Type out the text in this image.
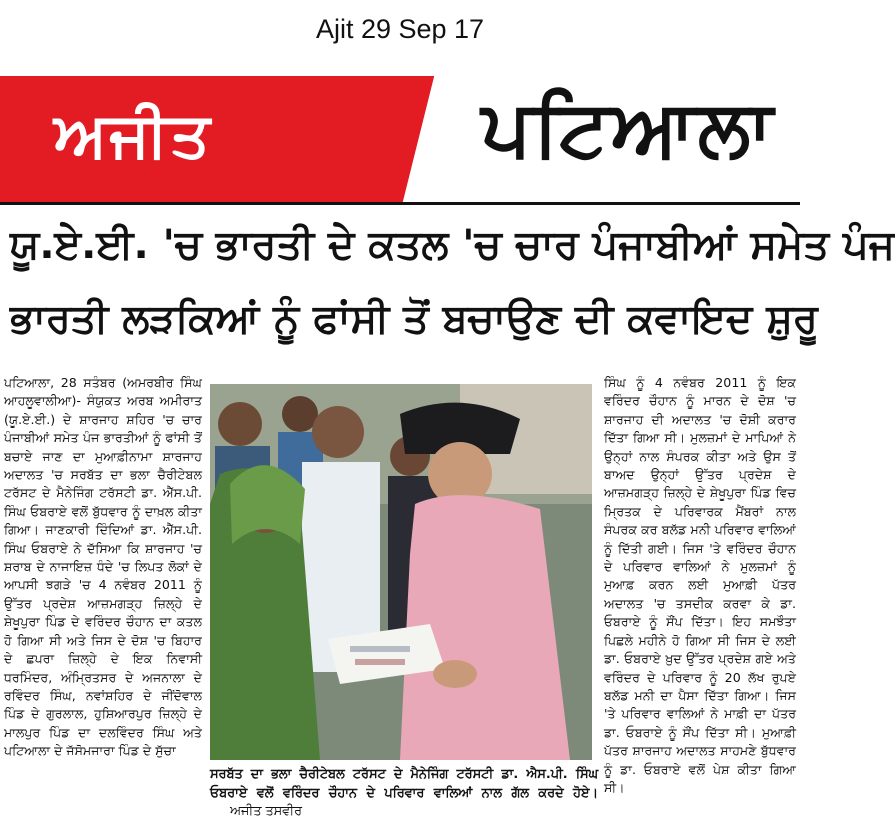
Ajit 29 Sep 17
ਅਜੀਤ	ਪਟਿਆਲਾ
ਯੂ.ਏ.ਈ. 'ਚ ਭਾਰਤੀ ਦੇ ਕਤਲ 'ਚ ਚਾਰ ਪੰਜਾਬੀਆਂ ਸਮੇਤ ਪੰਜ
ਭਾਰਤੀ ਲੜਕਿਆਂ ਨੂੰ ਫਾਂਸੀ ਤੋਂ ਬਚਾਉਣ ਦੀ ਕਵਾਇਦ ਸ਼ੁਰੂ
ਪਟਿਆਲਾ, 28 ਸਤੰਬਰ (ਅਮਰਬੀਰ ਸਿੰਘ ਆਹਲੂਵਾਲੀਆ)- ਸੰਯੁਕਤ ਅਰਬ ਅਮੀਰਾਤ (ਯੂ.ਏ.ਈ.) ਦੇ ਸ਼ਾਰਜਾਹ ਸ਼ਹਿਰ 'ਚ ਚਾਰ ਪੰਜਾਬੀਆਂ ਸਮੇਤ ਪੰਜ ਭਾਰਤੀਆਂ ਨੂੰ ਫਾਂਸੀ ਤੋਂ ਬਚਾਏ ਜਾਣ ਦਾ ਮੁਆਫ਼ੀਨਾਮਾ ਸ਼ਾਰਜਾਹ ਅਦਾਲਤ 'ਚ ਸਰਬੱਤ ਦਾ ਭਲਾ ਚੈਰੀਟੇਬਲ ਟਰੱਸਟ ਦੇ ਮੈਨੇਜਿੰਗ ਟਰੱਸਟੀ ਡਾ. ਐੱਸ.ਪੀ. ਸਿੰਘ ਓਬਰਾਏ ਵਲੋਂ ਬੁੱਧਵਾਰ ਨੂੰ ਦਾਖ਼ਲ ਕੀਤਾ ਗਿਆ। ਜਾਣਕਾਰੀ ਦਿੰਦਿਆਂ ਡਾ. ਐੱਸ.ਪੀ. ਸਿੰਘ ਓਬਰਾਏ ਨੇ ਦੱਸਿਆ ਕਿ ਸ਼ਾਰਜਾਹ 'ਚ ਸ਼ਰਾਬ ਦੇ ਨਾਜਾਇਜ਼ ਧੰਦੇ 'ਚ ਲਿਪਤ ਲੋਕਾਂ ਦੇ ਆਪਸੀ ਝਗੜੇ 'ਚ 4 ਨਵੰਬਰ 2011 ਨੂੰ ਉੱਤਰ ਪ੍ਰਦੇਸ਼ ਆਜ਼ਮਗੜ੍ਹ ਜ਼ਿਲ੍ਹੇ ਦੇ ਸ਼ੇਖੂਪੁਰਾ ਪਿੰਡ ਦੇ ਵਰਿੰਦਰ ਚੌਹਾਨ ਦਾ ਕਤਲ ਹੋ ਗਿਆ ਸੀ ਅਤੇ ਜਿਸ ਦੇ ਦੋਸ਼ 'ਚ ਬਿਹਾਰ ਦੇ ਛਪਰਾ ਜ਼ਿਲ੍ਹੇ ਦੇ ਇਕ ਨਿਵਾਸੀ ਧਰਮਿੰਦਰ, ਅੰਮ੍ਰਿਤਸਰ ਦੇ ਅਜਨਾਲਾ ਦੇ ਰਵਿੰਦਰ ਸਿੰਘ, ਨਵਾਂਸ਼ਹਿਰ ਦੇ ਜੀਂਦੋਵਾਲ ਪਿੰਡ ਦੇ ਗੁਰਲਾਲ, ਹੁਸ਼ਿਆਰਪੁਰ ਜ਼ਿਲ੍ਹੇ ਦੇ ਮਾਲਪੁਰ ਪਿੰਡ ਦਾ ਦਲਵਿੰਦਰ ਸਿੰਘ ਅਤੇ ਪਟਿਆਲਾ ਦੇ ਜੱਸੋਮਜਾਰਾ ਪਿੰਡ ਦੇ ਸੁੱਚਾ
ਸਰਬੱਤ ਦਾ ਭਲਾ ਚੈਰੀਟੇਬਲ ਟਰੱਸਟ ਦੇ ਮੈਨੇਜਿੰਗ ਟਰੱਸਟੀ ਡਾ. ਐਸ.ਪੀ. ਸਿੰਘ ਓਬਰਾਏ ਵਲੋਂ ਵਰਿੰਦਰ ਚੌਹਾਨ ਦੇ ਪਰਿਵਾਰ ਵਾਲਿਆਂ ਨਾਲ ਗੱਲ ਕਰਦੇ ਹੋਏ। ਅਜੀਤ ਤਸਵੀਰ
ਸਿੰਘ ਨੂੰ 4 ਨਵੰਬਰ 2011 ਨੂੰ ਇਕ ਵਰਿੰਦਰ ਚੌਹਾਨ ਨੂੰ ਮਾਰਨ ਦੇ ਦੋਸ਼ 'ਚ ਸ਼ਾਰਜਾਹ ਦੀ ਅਦਾਲਤ 'ਚ ਦੋਸ਼ੀ ਕਰਾਰ ਦਿੱਤਾ ਗਿਆ ਸੀ। ਮੁਲਜ਼ਮਾਂ ਦੇ ਮਾਪਿਆਂ ਨੇ ਉਨ੍ਹਾਂ ਨਾਲ ਸੰਪਰਕ ਕੀਤਾ ਅਤੇ ਉਸ ਤੋਂ ਬਾਅਦ ਉਨ੍ਹਾਂ ਉੱਤਰ ਪ੍ਰਦੇਸ਼ ਦੇ ਆਜ਼ਮਗੜ੍ਹ ਜ਼ਿਲ੍ਹੇ ਦੇ ਸ਼ੇਖੂਪੁਰਾ ਪਿੰਡ ਵਿਚ ਮ੍ਰਿਤਕ ਦੇ ਪਰਿਵਾਰਕ ਮੈਂਬਰਾਂ ਨਾਲ ਸੰਪਰਕ ਕਰ ਬਲੱਡ ਮਨੀ ਪਰਿਵਾਰ ਵਾਲਿਆਂ ਨੂੰ ਦਿੱਤੀ ਗਈ। ਜਿਸ 'ਤੇ ਵਰਿੰਦਰ ਚੌਹਾਨ ਦੇ ਪਰਿਵਾਰ ਵਾਲਿਆਂ ਨੇ ਮੁਲਜ਼ਮਾਂ ਨੂੰ ਮੁਆਫ਼ ਕਰਨ ਲਈ ਮੁਆਫ਼ੀ ਪੱਤਰ ਅਦਾਲਤ 'ਚ ਤਸਦੀਕ ਕਰਵਾ ਕੇ ਡਾ. ਓਬਰਾਏ ਨੂੰ ਸੌਂਪ ਦਿੱਤਾ। ਇਹ ਸਮਝੌਤਾ ਪਿਛਲੇ ਮਹੀਨੇ ਹੋ ਗਿਆ ਸੀ ਜਿਸ ਦੇ ਲਈ ਡਾ. ਓਬਰਾਏ ਖ਼ੁਦ ਉੱਤਰ ਪ੍ਰਦੇਸ਼ ਗਏ ਅਤੇ ਵਰਿੰਦਰ ਦੇ ਪਰਿਵਾਰ ਨੂੰ 20 ਲੱਖ ਰੁਪਏ ਬਲੱਡ ਮਨੀ ਦਾ ਪੈਸਾ ਦਿੱਤਾ ਗਿਆ। ਜਿਸ 'ਤੇ ਪਰਿਵਾਰ ਵਾਲਿਆਂ ਨੇ ਮਾਫ਼ੀ ਦਾ ਪੱਤਰ ਡਾ. ਓਬਰਾਏ ਨੂੰ ਸੌਂਪ ਦਿੱਤਾ ਸੀ। ਮੁਆਫ਼ੀ ਪੱਤਰ ਸ਼ਾਰਜਾਹ ਅਦਾਲਤ ਸਾਹਮਣੇ ਬੁੱਧਵਾਰ ਨੂੰ ਡਾ. ਓਬਰਾਏ ਵਲੋਂ ਪੇਸ਼ ਕੀਤਾ ਗਿਆ ਸੀ।
